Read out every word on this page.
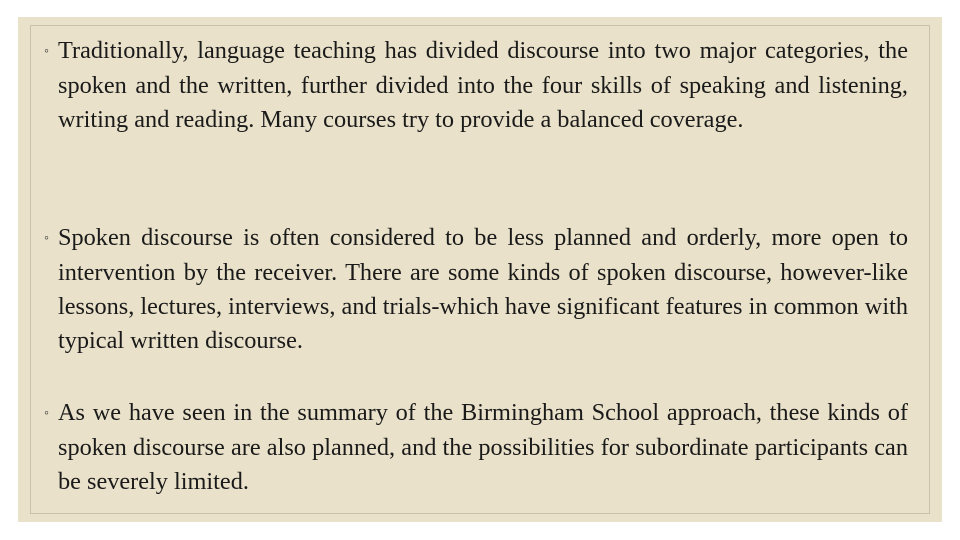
◦ Traditionally, language teaching has divided discourse into two major categories, the spoken and the written, further divided into the four skills of speaking and listening, writing and reading. Many courses try to provide a balanced coverage.
◦ Spoken discourse is often considered to be less planned and orderly, more open to intervention by the receiver. There are some kinds of spoken discourse, however-like lessons, lectures, interviews, and trials-which have significant features in common with typical written discourse.
◦ As we have seen in the summary of the Birmingham School approach, these kinds of spoken discourse are also planned, and the possibilities for subordinate participants can be severely limited.
